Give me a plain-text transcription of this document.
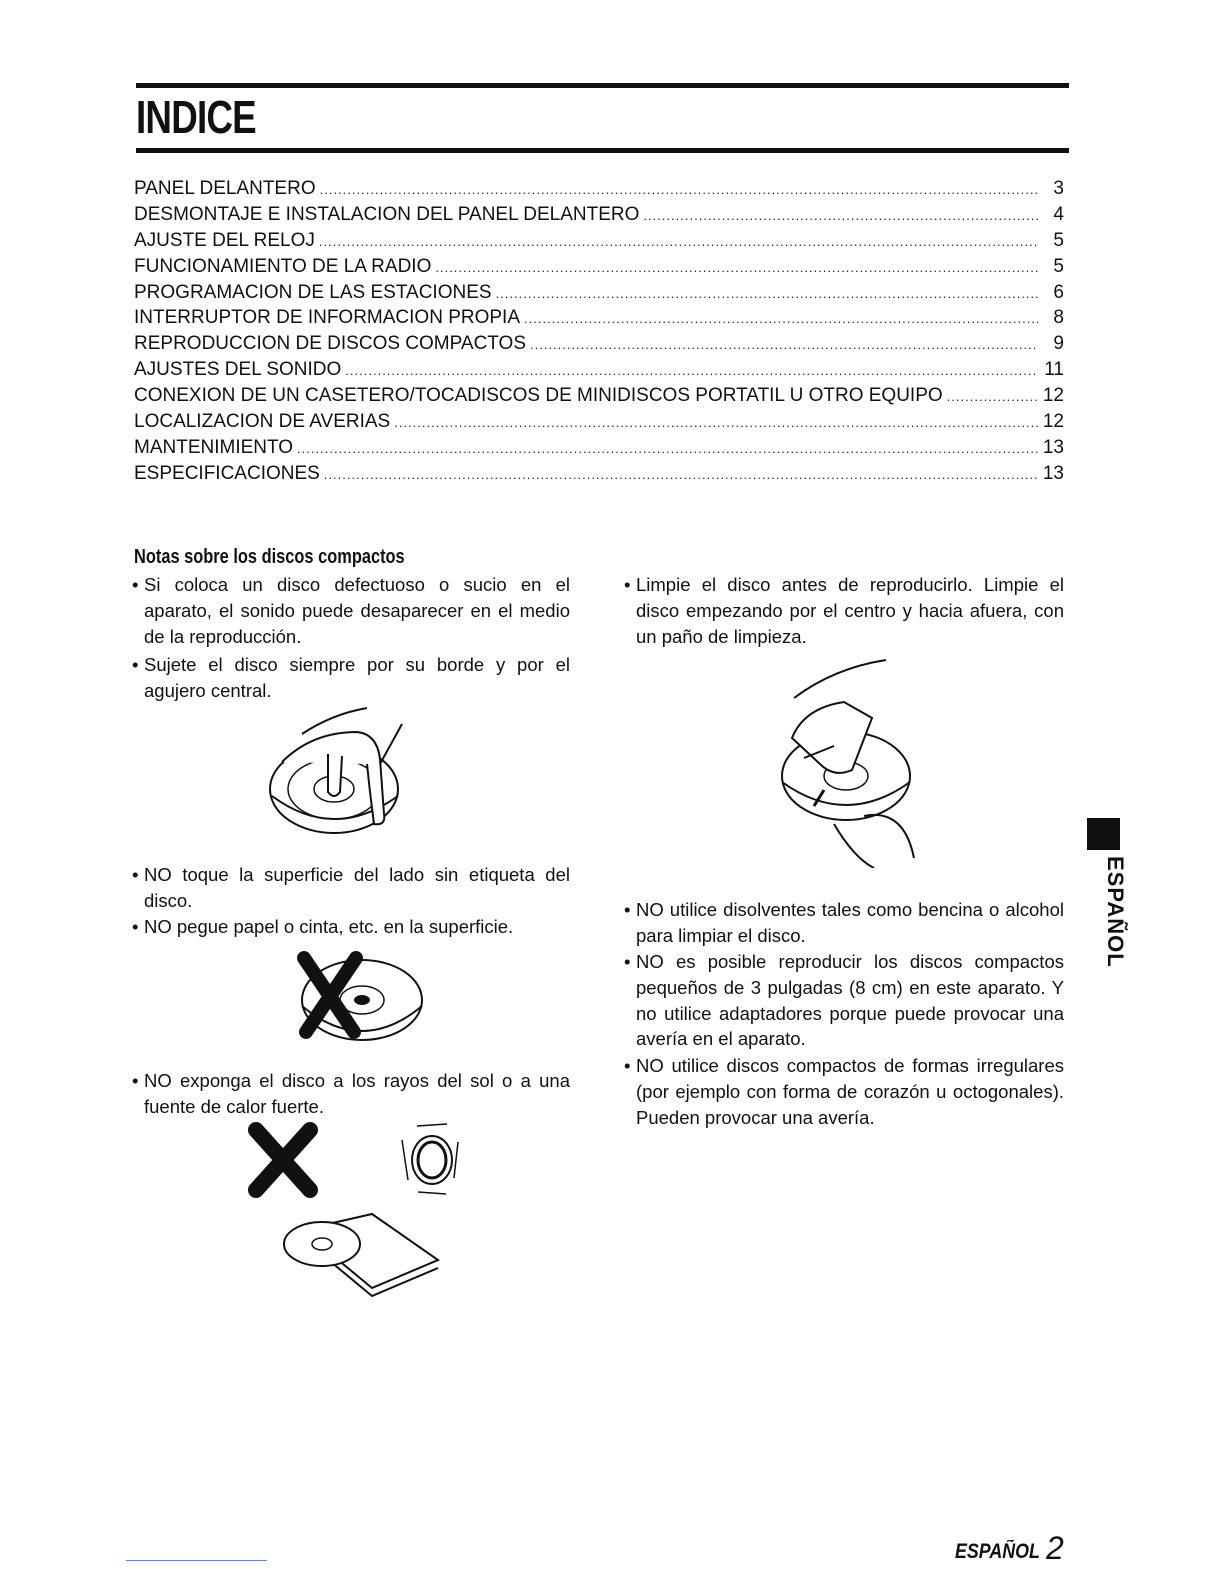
INDICE
PANEL DELANTERO .....	3
DESMONTAJE E INSTALACION DEL PANEL DELANTERO .....	4
AJUSTE DEL RELOJ .....	5
FUNCIONAMIENTO DE LA RADIO .....	5
PROGRAMACION DE LAS ESTACIONES .....	6
INTERRUPTOR DE INFORMACION PROPIA .....	8
REPRODUCCION DE DISCOS COMPACTOS .....	9
AJUSTES DEL SONIDO .....	11
CONEXION DE UN CASETERO/TOCADISCOS DE MINIDISCOS PORTATIL U OTRO EQUIPO .....	12
LOCALIZACION DE AVERIAS .....	12
MANTENIMIENTO .....	13
ESPECIFICACIONES .....	13
Notas sobre los discos compactos

• Si coloca un disco defectuoso o sucio en el aparato, el sonido puede desaparecer en el medio de la reproducción.

• Sujete el disco siempre por su borde y por el agujero central.

• NO toque la superficie del lado sin etiqueta del disco.

• NO pegue papel o cinta, etc. en la superficie.

• NO exponga el disco a los rayos del sol o a una fuente de calor fuerte.

• Limpie el disco antes de reproducirlo. Limpie el disco empezando por el centro y hacia afuera, con un paño de limpieza.

• NO utilice disolventes tales como bencina o alcohol para limpiar el disco.

• NO es posible reproducir los discos compactos pequeños de 3 pulgadas (8 cm) en este aparato. Y no utilice adaptadores porque puede provocar una avería en el aparato.

• NO utilice discos compactos de formas irregulares (por ejemplo con forma de corazón u octogonales). Pueden provocar una avería.

ESPAÑOL
ESPAÑOL 2
